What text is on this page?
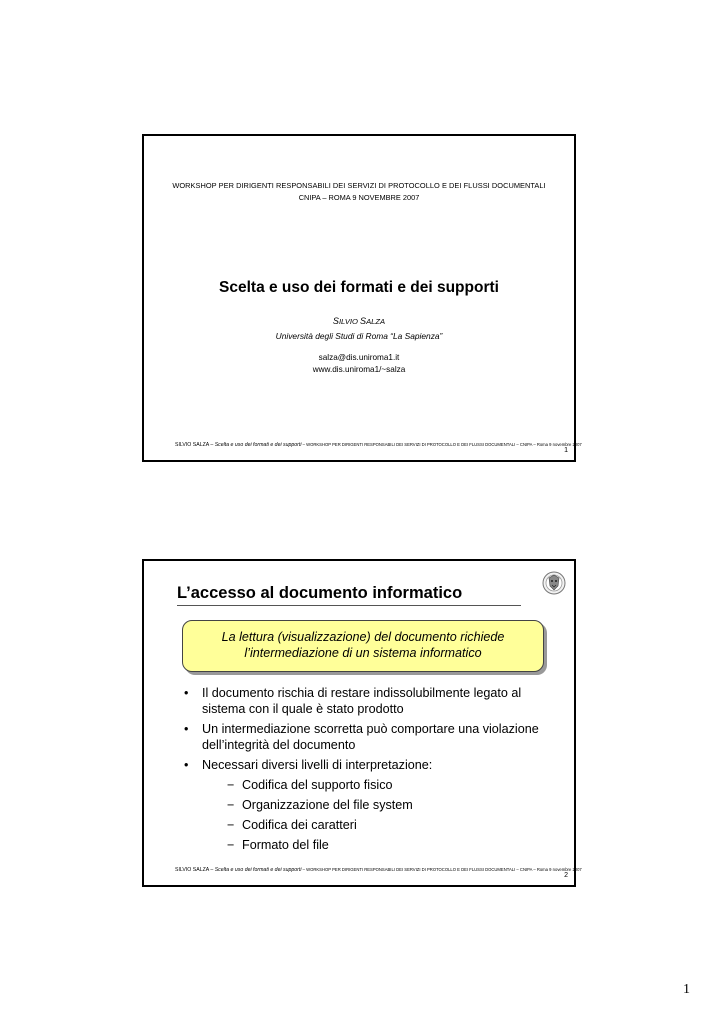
WORKSHOP PER DIRIGENTI RESPONSABILI DEI SERVIZI DI PROTOCOLLO E DEI FLUSSI DOCUMENTALI
CNIPA – ROMA 9 NOVEMBRE 2007
Scelta e uso dei formati e dei supporti
SILVIO SALZA
Università degli Studi di Roma “La Sapienza”
salza@dis.uniroma1.it
www.dis.uniroma1/~salza
SILVIO SALZA – Scelta e uso dei formati e dei supporti – WORKSHOP PER DIRIGENTI RESPONSABILI DEI SERVIZI DI PROTOCOLLO E DEI FLUSSI DOCUMENTALI – CNIPA – Roma 9 novembre 2007
1
L’accesso al documento informatico
La lettura (visualizzazione) del documento richiede
l’intermediazione di un sistema informatico
• Il documento rischia di restare indissolubilmente legato al sistema con il quale è stato prodotto
• Un intermediazione scorretta può comportare una violazione dell’integrità del documento
• Necessari diversi livelli di interpretazione:
− Codifica del supporto fisico
− Organizzazione del file system
− Codifica dei caratteri
− Formato del file
SILVIO SALZA – Scelta e uso dei formati e dei supporti – WORKSHOP PER DIRIGENTI RESPONSABILI DEI SERVIZI DI PROTOCOLLO E DEI FLUSSI DOCUMENTALI – CNIPA – Roma 9 novembre 2007
2
1
